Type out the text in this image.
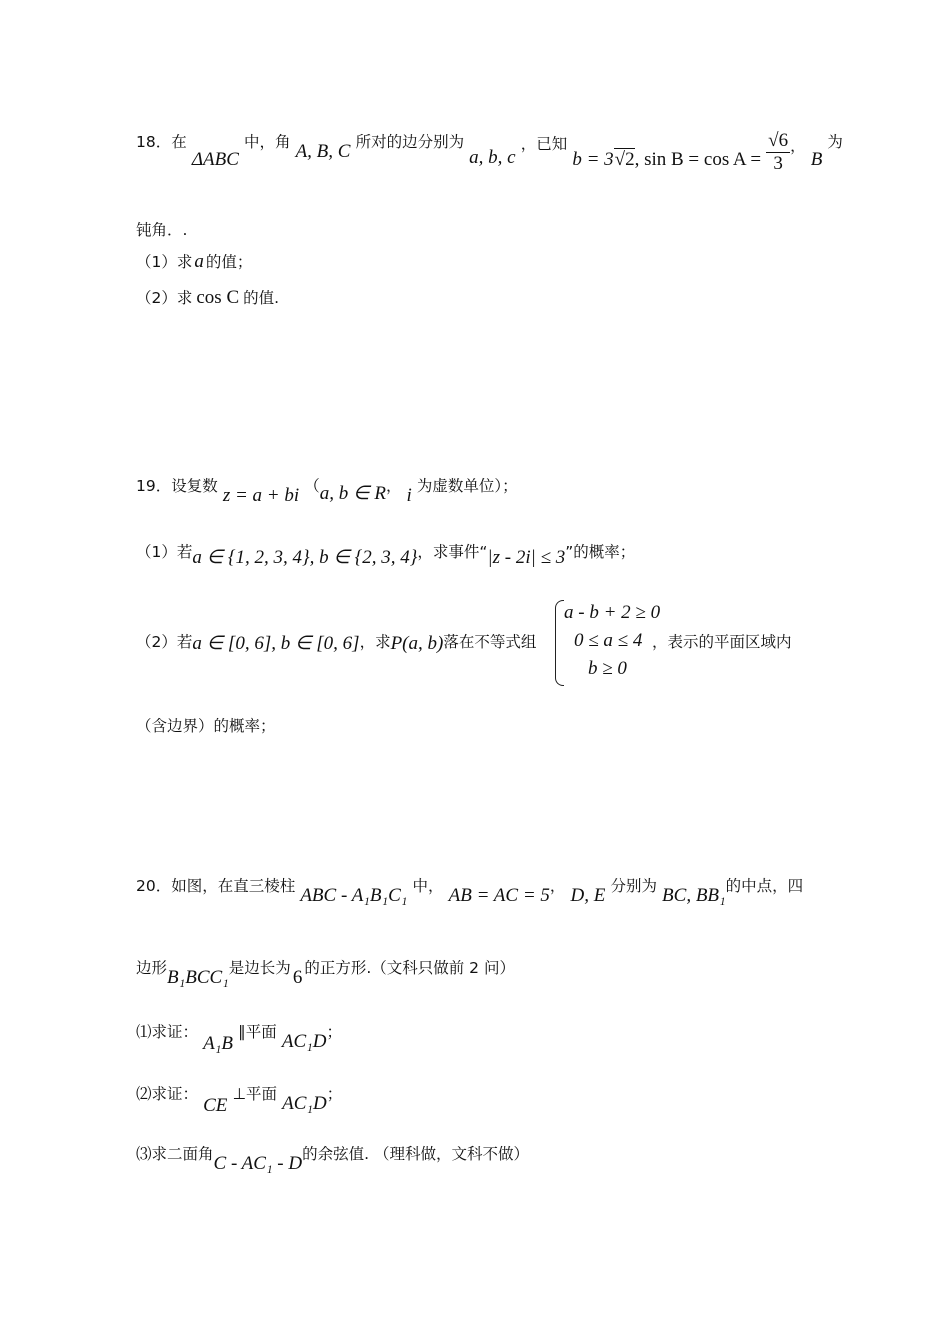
18．在 ΔABC 中，角 A, B, C 所对的边分别为 a, b, c ，已知 b = 3√2, $\sin B = \cos A = \frac{√6}{3}$ ， B 为
钝角．.
（1）求 a 的值；
（2）求 cos C 的值.
19．设复数 z = a + bi （a, b ∈ R， i 为虚数单位）；
（1）若a ∈ {1, 2, 3, 4}, b ∈ {2, 3, 4}，求事件“|z - 2i| ≤ 3”的概率；
（2）若a ∈ [0, 6], b ∈ [0, 6]，求P(a, b)落在不等式组
a - b + 2 ≥ 0
0 ≤ a ≤ 4
b ≥ 0
，表示的平面区域内
（含边界）的概率；
20．如图，在直三棱柱 ABC - A₁B₁C₁ 中， AB = AC = 5， D, E 分别为 BC, BB₁的中点，四
边形B₁BCC₁是边长为 6 的正方形.（文科只做前 2 问）
⑴求证： A₁B ∥平面 AC₁D；
⑵求证： CE ⊥平面 AC₁D；
⑶求二面角C - AC₁ - D的余弦值. （理科做，文科不做）
